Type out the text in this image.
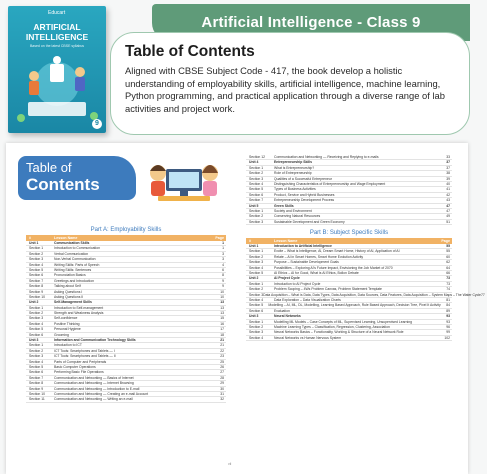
Educart
ARTIFICIAL
INTELLIGENCE
Based on the latest CBSE syllabus
9
Artificial Intelligence - Class 9
Table of Contents
Aligned with CBSE Subject Code - 417, the book develop a holistic understanding of employability skills, artificial intelligence, machine learning, Python programming, and practical application through a diverse range of lab activities and project work.
Table of
Contents
Part A: Employability Skills
#	Lesson Name	Page
Unit 1	Communication Skills	1
Section 1	Introduction to Communication	1
Section 2	Verbal Communication	3
Section 3	Non-Verbal Communication	3
Section 4	Writing Skills: Parts of Speech	4
Section 5	Writing Skills: Sentences	6
Section 6	Pronunciation Basics	8
Section 7	Greetings and Introduction	9
Section 8	Talking about Self	9
Section 9	Asking Questions I	10
Section 10	Asking Questions II	10
Unit 2	Self-Management Skills	13
Section 1	Introduction to Self-management	13
Section 2	Strength and Weakness Analysis	13
Section 3	Self-confidence	15
Section 4	Positive Thinking	16
Section 5	Personal Hygiene	17
Section 6	Grooming	18
Unit 3	Information and Communication Technology Skills	21
Section 1	Introduction to ICT	21
Section 2	ICT Tools: Smartphones and Tablets — I	22
Section 3	ICT Tools: Smartphones and Tablets — II	23
Section 4	Parts of Computer and Peripherals	25
Section 5	Basic Computer Operations	26
Section 6	Performing Basic File Operations	27
Section 7	Communication and Networking — Basics of Internet	28
Section 8	Communication and Networking — Internet Browsing	29
Section 9	Communication and Networking — Introduction to E-mail	30
Section 10	Communication and Networking — Creating an e-mail Account	31
Section 11	Communication and Networking — Writing an e-mail	32
Section 12	Communication and Networking — Receiving and Replying to e-mails	33
Unit 4	Entrepreneurship Skills	37
Section 1	What is Entrepreneurship?	37
Section 2	Role of Entrepreneurship	38
Section 3	Qualities of a Successful Entrepreneur	39
Section 4	Distinguishing Characteristics of Entrepreneurship and Wage Employment	40
Section 5	Types of Business Activities	41
Section 6	Product, Service and Hybrid Businesses	42
Section 7	Entrepreneurship Development Process	43
Unit 5	Green Skills	47
Section 1	Society and Environment	47
Section 2	Conserving Natural Resources	49
Section 3	Sustainable Development and Green Economy	51
Part B: Subject Specific Skills
#	Lesson Name	Page
Unit 1	Introduction to Artificial Intelligence	55
Section 1	Excite – What is Intelligence, AI, Dream Smart Home, History of AI, Application of AI	55
Section 2	Relate – AI in Smart Homes, Smart Home Evolution Activity	60
Section 3	Purpose – Sustainable Development Goals	62
Section 4	Possibilities – Exploring AI's Future Impact, Envisioning the Job Market of 2070	64
Section 5	AI Ethics – AI for Good, What is AI Ethics, Bollon Debate	66
Unit 2	AI Project Cycle	73
Section 1	Introduction to AI Project Cycle	73
Section 2	Problem Scoping – 4Ws Problem Canvas, Problem Statement Template	74
Section 3 Data Acquisition – What is Data, Data Types, Data Acquisition, Data Sources, Data Features, Data Acquisition – System Maps – The Water Cycle 77
Section 4	Data Exploration – Data Visualization Charts	81
Section 5	Modelling – AI, ML, DL, Modelling, Learning Based Approach, Rule Based Approach, Decision Tree, Pixel It Activity	84
Section 6	Evaluation	89
Unit 3	Neural Networks	93
Section 1	Modelling ML Models – Case Concepts of ML, Supervised Learning, Unsupervised Learning	93
Section 2	Machine Learning Types – Classification, Regression, Clustering, Association	96
Section 3	Neural Networks Basics – Functionality, Working & Structure of a Neural Network Role	99
Section 4	Neural Networks vs Human Nervous System	102
vii
